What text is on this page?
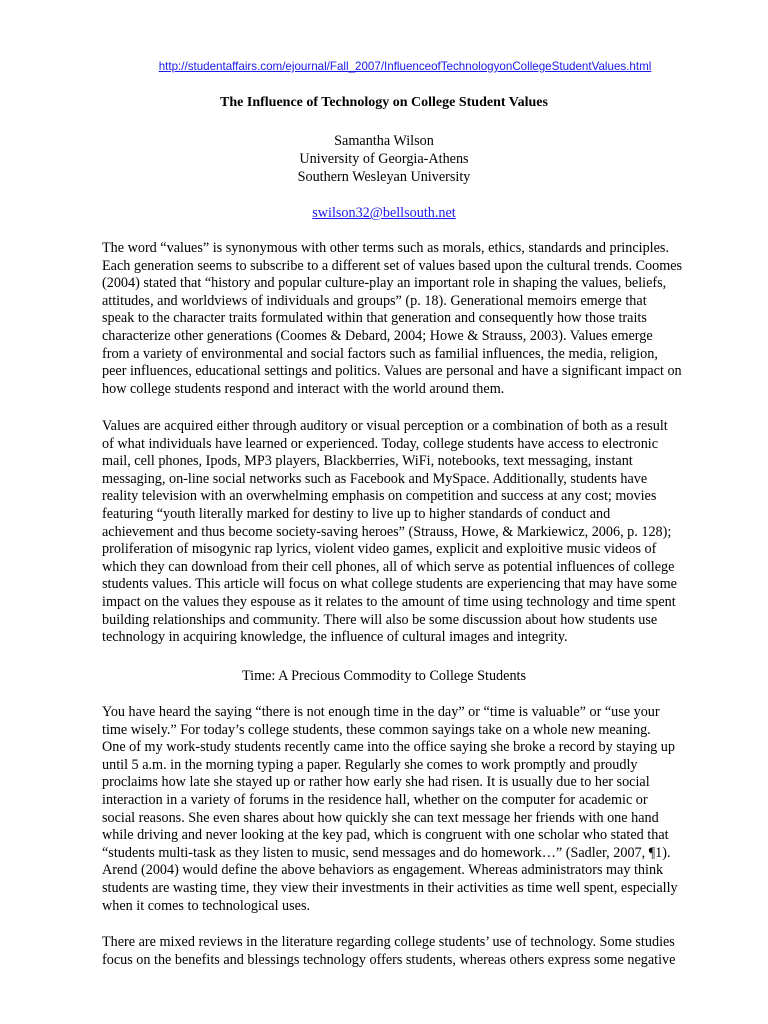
http://studentaffairs.com/ejournal/Fall_2007/InfluenceofTechnologyonCollegeStudentValues.html
The Influence of Technology on College Student Values
Samantha Wilson
University of Georgia-Athens
Southern Wesleyan University
swilson32@bellsouth.net
The word “values” is synonymous with other terms such as morals, ethics, standards and principles.
Each generation seems to subscribe to a different set of values based upon the cultural trends. Coomes
(2004) stated that “history and popular culture-play an important role in shaping the values, beliefs,
attitudes, and worldviews of individuals and groups” (p. 18). Generational memoirs emerge that
speak to the character traits formulated within that generation and consequently how those traits
characterize other generations (Coomes & Debard, 2004; Howe & Strauss, 2003). Values emerge
from a variety of environmental and social factors such as familial influences, the media, religion,
peer influences, educational settings and politics. Values are personal and have a significant impact on
how college students respond and interact with the world around them.
Values are acquired either through auditory or visual perception or a combination of both as a result
of what individuals have learned or experienced. Today, college students have access to electronic
mail, cell phones, Ipods, MP3 players, Blackberries, WiFi, notebooks, text messaging, instant
messaging, on-line social networks such as Facebook and MySpace. Additionally, students have
reality television with an overwhelming emphasis on competition and success at any cost; movies
featuring “youth literally marked for destiny to live up to higher standards of conduct and
achievement and thus become society-saving heroes” (Strauss, Howe, & Markiewicz, 2006, p. 128);
proliferation of misogynic rap lyrics, violent video games, explicit and exploitive music videos of
which they can download from their cell phones, all of which serve as potential influences of college
students values. This article will focus on what college students are experiencing that may have some
impact on the values they espouse as it relates to the amount of time using technology and time spent
building relationships and community. There will also be some discussion about how students use
technology in acquiring knowledge, the influence of cultural images and integrity.
Time: A Precious Commodity to College Students
You have heard the saying “there is not enough time in the day” or “time is valuable” or “use your
time wisely.” For today’s college students, these common sayings take on a whole new meaning.
One of my work-study students recently came into the office saying she broke a record by staying up
until 5 a.m. in the morning typing a paper. Regularly she comes to work promptly and proudly
proclaims how late she stayed up or rather how early she had risen. It is usually due to her social
interaction in a variety of forums in the residence hall, whether on the computer for academic or
social reasons. She even shares about how quickly she can text message her friends with one hand
while driving and never looking at the key pad, which is congruent with one scholar who stated that
“students multi-task as they listen to music, send messages and do homework…” (Sadler, 2007, ¶1).
Arend (2004) would define the above behaviors as engagement. Whereas administrators may think
students are wasting time, they view their investments in their activities as time well spent, especially
when it comes to technological uses.
There are mixed reviews in the literature regarding college students’ use of technology. Some studies
focus on the benefits and blessings technology offers students, whereas others express some negative
